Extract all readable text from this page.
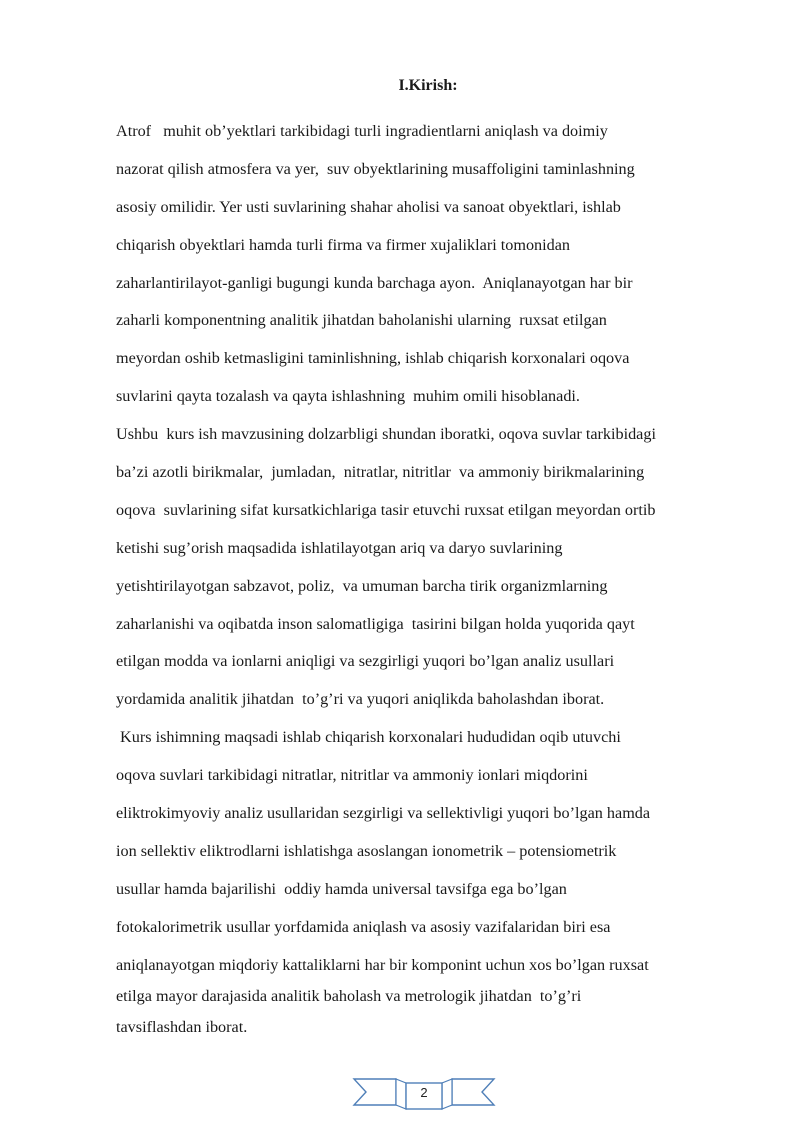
I.Kirish:
Atrof   muhit ob’yektlari tarkibidagi turli ingradientlarni aniqlash va doimiy
nazorat qilish atmosfera va yer,  suv obyektlarining musaffoligini taminlashning
asosiy omilidir. Yer usti suvlarining shahar aholisi va sanoat obyektlari, ishlab
chiqarish obyektlari hamda turli firma va firmer xujaliklari tomonidan
zaharlantirilayot-ganligi bugungi kunda barchaga ayon.  Aniqlanayotgan har bir
zaharli komponentning analitik jihatdan baholanishi ularning  ruxsat etilgan
meyordan oshib ketmasligini taminlishning, ishlab chiqarish korxonalari oqova
suvlarini qayta tozalash va qayta ishlashning  muhim omili hisoblanadi.
Ushbu  kurs ish mavzusining dolzarbligi shundan iboratki, oqova suvlar tarkibidagi
ba’zi azotli birikmalar,  jumladan,  nitratlar, nitritlar  va ammoniy birikmalarining
oqova  suvlarining sifat kursatkichlariga tasir etuvchi ruxsat etilgan meyordan ortib
ketishi sug’orish maqsadida ishlatilayotgan ariq va daryo suvlarining
yetishtirilayotgan sabzavot, poliz,  va umuman barcha tirik organizmlarning
zaharlanishi va oqibatda inson salomatligiga  tasirini bilgan holda yuqorida qayt
etilgan modda va ionlarni aniqligi va sezgirligi yuqori bo’lgan analiz usullari
yordamida analitik jihatdan  to’g’ri va yuqori aniqlikda baholashdan iborat.
Kurs ishimning maqsadi ishlab chiqarish korxonalari hududidan oqib utuvchi
oqova suvlari tarkibidagi nitratlar, nitritlar va ammoniy ionlari miqdorini
eliktrokimyoviy analiz usullaridan sezgirligi va sellektivligi yuqori bo’lgan hamda
ion sellektiv eliktrodlarni ishlatishga asoslangan ionometrik – potensiometrik
usullar hamda bajarilishi  oddiy hamda universal tavsifga ega bo’lgan
fotokalorimetrik usullar yorfdamida aniqlash va asosiy vazifalaridan biri esa
aniqlanayotgan miqdoriy kattaliklarni har bir komponint uchun xos bo’lgan ruxsat
etilga mayor darajasida analitik baholash va metrologik jihatdan  to’g’ri
tavsiflashdan iborat.
2
